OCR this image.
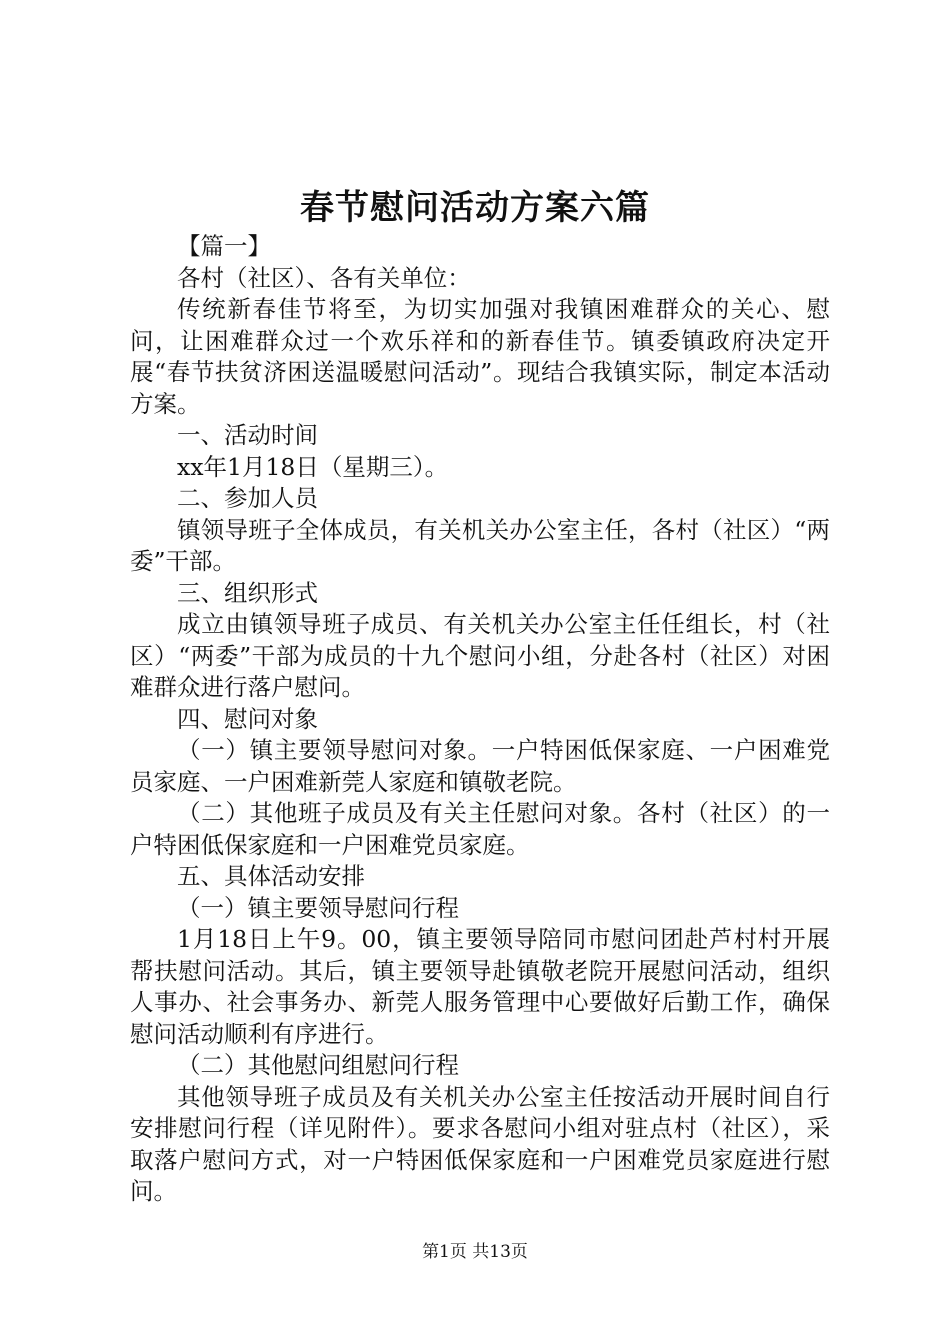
春节慰问活动方案六篇

【篇一】

各村（社区）、各有关单位：

传统新春佳节将至，为切实加强对我镇困难群众的关心、慰问，让困难群众过一个欢乐祥和的新春佳节。镇委镇政府决定开展“春节扶贫济困送温暖慰问活动”。现结合我镇实际，制定本活动方案。

一、活动时间

xx年1月18日（星期三）。

二、参加人员

镇领导班子全体成员，有关机关办公室主任，各村（社区）“两委”干部。

三、组织形式

成立由镇领导班子成员、有关机关办公室主任任组长，村（社区）“两委”干部为成员的十九个慰问小组，分赴各村（社区）对困难群众进行落户慰问。

四、慰问对象

（一）镇主要领导慰问对象。一户特困低保家庭、一户困难党员家庭、一户困难新莞人家庭和镇敬老院。

（二）其他班子成员及有关主任慰问对象。各村（社区）的一户特困低保家庭和一户困难党员家庭。

五、具体活动安排

（一）镇主要领导慰问行程

1月18日上午9。00，镇主要领导陪同市慰问团赴芦村村开展帮扶慰问活动。其后，镇主要领导赴镇敬老院开展慰问活动，组织人事办、社会事务办、新莞人服务管理中心要做好后勤工作，确保慰问活动顺利有序进行。

（二）其他慰问组慰问行程

其他领导班子成员及有关机关办公室主任按活动开展时间自行安排慰问行程（详见附件）。要求各慰问小组对驻点村（社区），采取落户慰问方式，对一户特困低保家庭和一户困难党员家庭进行慰问。

第1页 共13页
